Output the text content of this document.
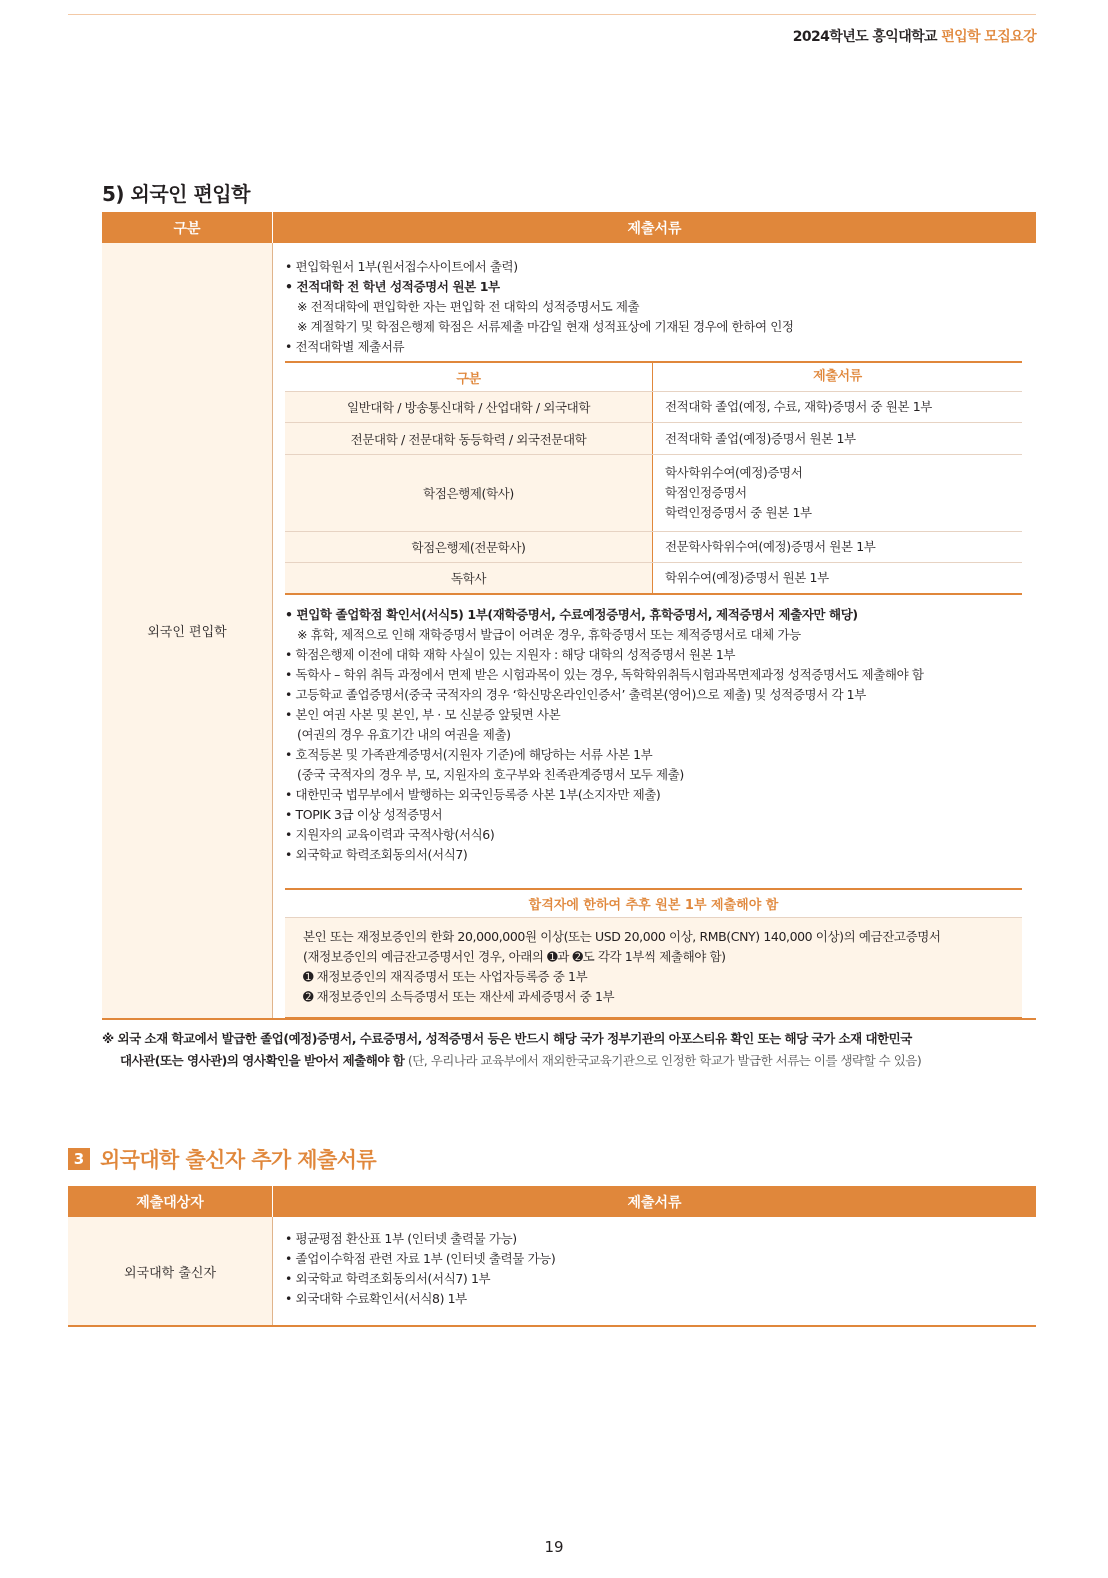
2024학년도 홍익대학교 편입학 모집요강
5) 외국인 편입학
구분	제출서류
외국인 편입학
• 편입학원서 1부(원서접수사이트에서 출력)
• 전적대학 전 학년 성적증명서 원본 1부
※ 전적대학에 편입학한 자는 편입학 전 대학의 성적증명서도 제출
※ 계절학기 및 학점은행제 학점은 서류제출 마감일 현재 성적표상에 기재된 경우에 한하여 인정
• 전적대학별 제출서류
구분	제출서류
일반대학 / 방송통신대학 / 산업대학 / 외국대학	전적대학 졸업(예정, 수료, 재학)증명서 중 원본 1부
전문대학 / 전문대학 동등학력 / 외국전문대학	전적대학 졸업(예정)증명서 원본 1부
학점은행제(학사)
학사학위수여(예정)증명서
학점인정증명서
학력인정증명서 중 원본 1부
학점은행제(전문학사)	전문학사학위수여(예정)증명서 원본 1부
독학사	학위수여(예정)증명서 원본 1부
• 편입학 졸업학점 확인서(서식5) 1부(재학증명서, 수료예정증명서, 휴학증명서, 제적증명서 제출자만 해당)
※ 휴학, 제적으로 인해 재학증명서 발급이 어려운 경우, 휴학증명서 또는 제적증명서로 대체 가능
• 학점은행제 이전에 대학 재학 사실이 있는 지원자 : 해당 대학의 성적증명서 원본 1부
• 독학사 – 학위 취득 과정에서 면제 받은 시험과목이 있는 경우, 독학학위취득시험과목면제과정 성적증명서도 제출해야 함
• 고등학교 졸업증명서(중국 국적자의 경우 ‘학신망온라인인증서’ 출력본(영어)으로 제출) 및 성적증명서 각 1부
• 본인 여권 사본 및 본인, 부 · 모 신분증 앞뒷면 사본
(여권의 경우 유효기간 내의 여권을 제출)
• 호적등본 및 가족관계증명서(지원자 기준)에 해당하는 서류 사본 1부
(중국 국적자의 경우 부, 모, 지원자의 호구부와 친족관계증명서 모두 제출)
• 대한민국 법무부에서 발행하는 외국인등록증 사본 1부(소지자만 제출)
• TOPIK 3급 이상 성적증명서
• 지원자의 교육이력과 국적사항(서식6)
• 외국학교 학력조회동의서(서식7)
합격자에 한하여 추후 원본 1부 제출해야 함
본인 또는 재정보증인의 한화 20,000,000원 이상(또는 USD 20,000 이상, RMB(CNY) 140,000 이상)의 예금잔고증명서
(재정보증인의 예금잔고증명서인 경우, 아래의 ➊과 ➋도 각각 1부씩 제출해야 함)
➊ 재정보증인의 재직증명서 또는 사업자등록증 중 1부
➋ 재정보증인의 소득증명서 또는 재산세 과세증명서 중 1부
※ 외국 소재 학교에서 발급한 졸업(예정)증명서, 수료증명서, 성적증명서 등은 반드시 해당 국가 정부기관의 아포스티유 확인 또는 해당 국가 소재 대한민국
대사관(또는 영사관)의 영사확인을 받아서 제출해야 함 (단, 우리나라 교육부에서 재외한국교육기관으로 인정한 학교가 발급한 서류는 이를 생략할 수 있음)
3 외국대학 출신자 추가 제출서류
제출대상자	제출서류
외국대학 출신자
• 평균평점 환산표 1부 (인터넷 출력물 가능)
• 졸업이수학점 관련 자료 1부 (인터넷 출력물 가능)
• 외국학교 학력조회동의서(서식7) 1부
• 외국대학 수료확인서(서식8) 1부
19
